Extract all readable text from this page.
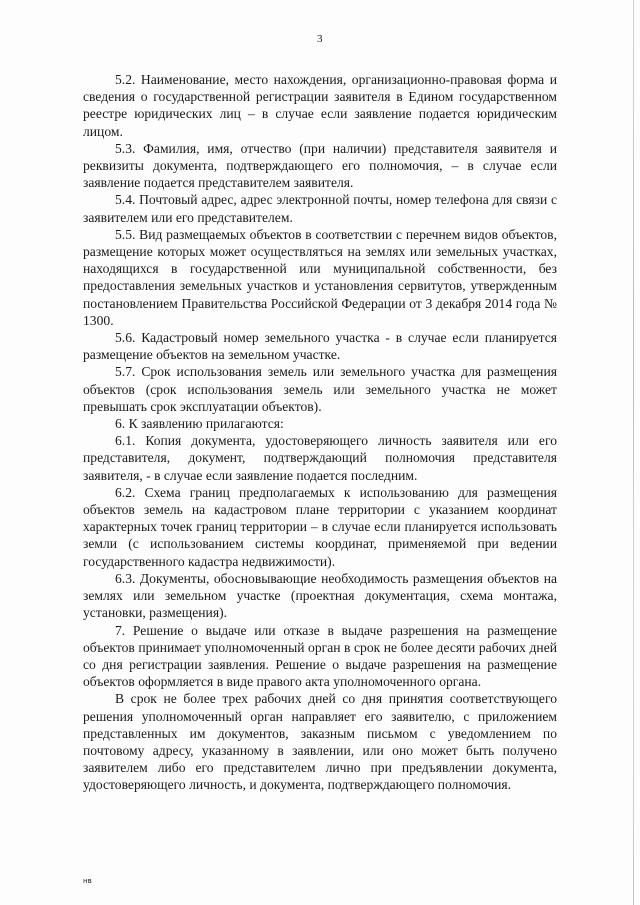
3

5.2. Наименование, место нахождения, организационно-правовая форма и сведения о государственной регистрации заявителя в Едином государственном реестре юридических лиц – в случае если заявление подается юридическим лицом.

5.3. Фамилия, имя, отчество (при наличии) представителя заявителя и реквизиты документа, подтверждающего его полномочия, – в случае если заявление подается представителем заявителя.

5.4. Почтовый адрес, адрес электронной почты, номер телефона для связи с заявителем или его представителем.

5.5. Вид размещаемых объектов в соответствии с перечнем видов объектов, размещение которых может осуществляться на землях или земельных участках, находящихся в государственной или муниципальной собственности, без предоставления земельных участков и установления сервитутов, утвержденным постановлением Правительства Российской Федерации от 3 декабря 2014 года № 1300.

5.6. Кадастровый номер земельного участка - в случае если планируется размещение объектов на земельном участке.

5.7. Срок использования земель или земельного участка для размещения объектов (срок использования земель или земельного участка не может превышать срок эксплуатации объектов).

6. К заявлению прилагаются:

6.1. Копия документа, удостоверяющего личность заявителя или его представителя, документ, подтверждающий полномочия представителя заявителя, - в случае если заявление подается последним.

6.2. Схема границ предполагаемых к использованию для размещения объектов земель на кадастровом плане территории с указанием координат характерных точек границ территории – в случае если планируется использовать земли (с использованием системы координат, применяемой при ведении государственного кадастра недвижимости).

6.3. Документы, обосновывающие необходимость размещения объектов на землях или земельном участке (проектная документация, схема монтажа, установки, размещения).

7. Решение о выдаче или отказе в выдаче разрешения на размещение объектов принимает уполномоченный орган в срок не более десяти рабочих дней со дня регистрации заявления. Решение о выдаче разрешения на размещение объектов оформляется в виде правого акта уполномоченного органа.

В срок не более трех рабочих дней со дня принятия соответствующего решения уполномоченный орган направляет его заявителю, с приложением представленных им документов, заказным письмом с уведомлением по почтовому адресу, указанному в заявлении, или оно может быть получено заявителем либо его представителем лично при предъявлении документа, удостоверяющего личность, и документа, подтверждающего полномочия.

нв
